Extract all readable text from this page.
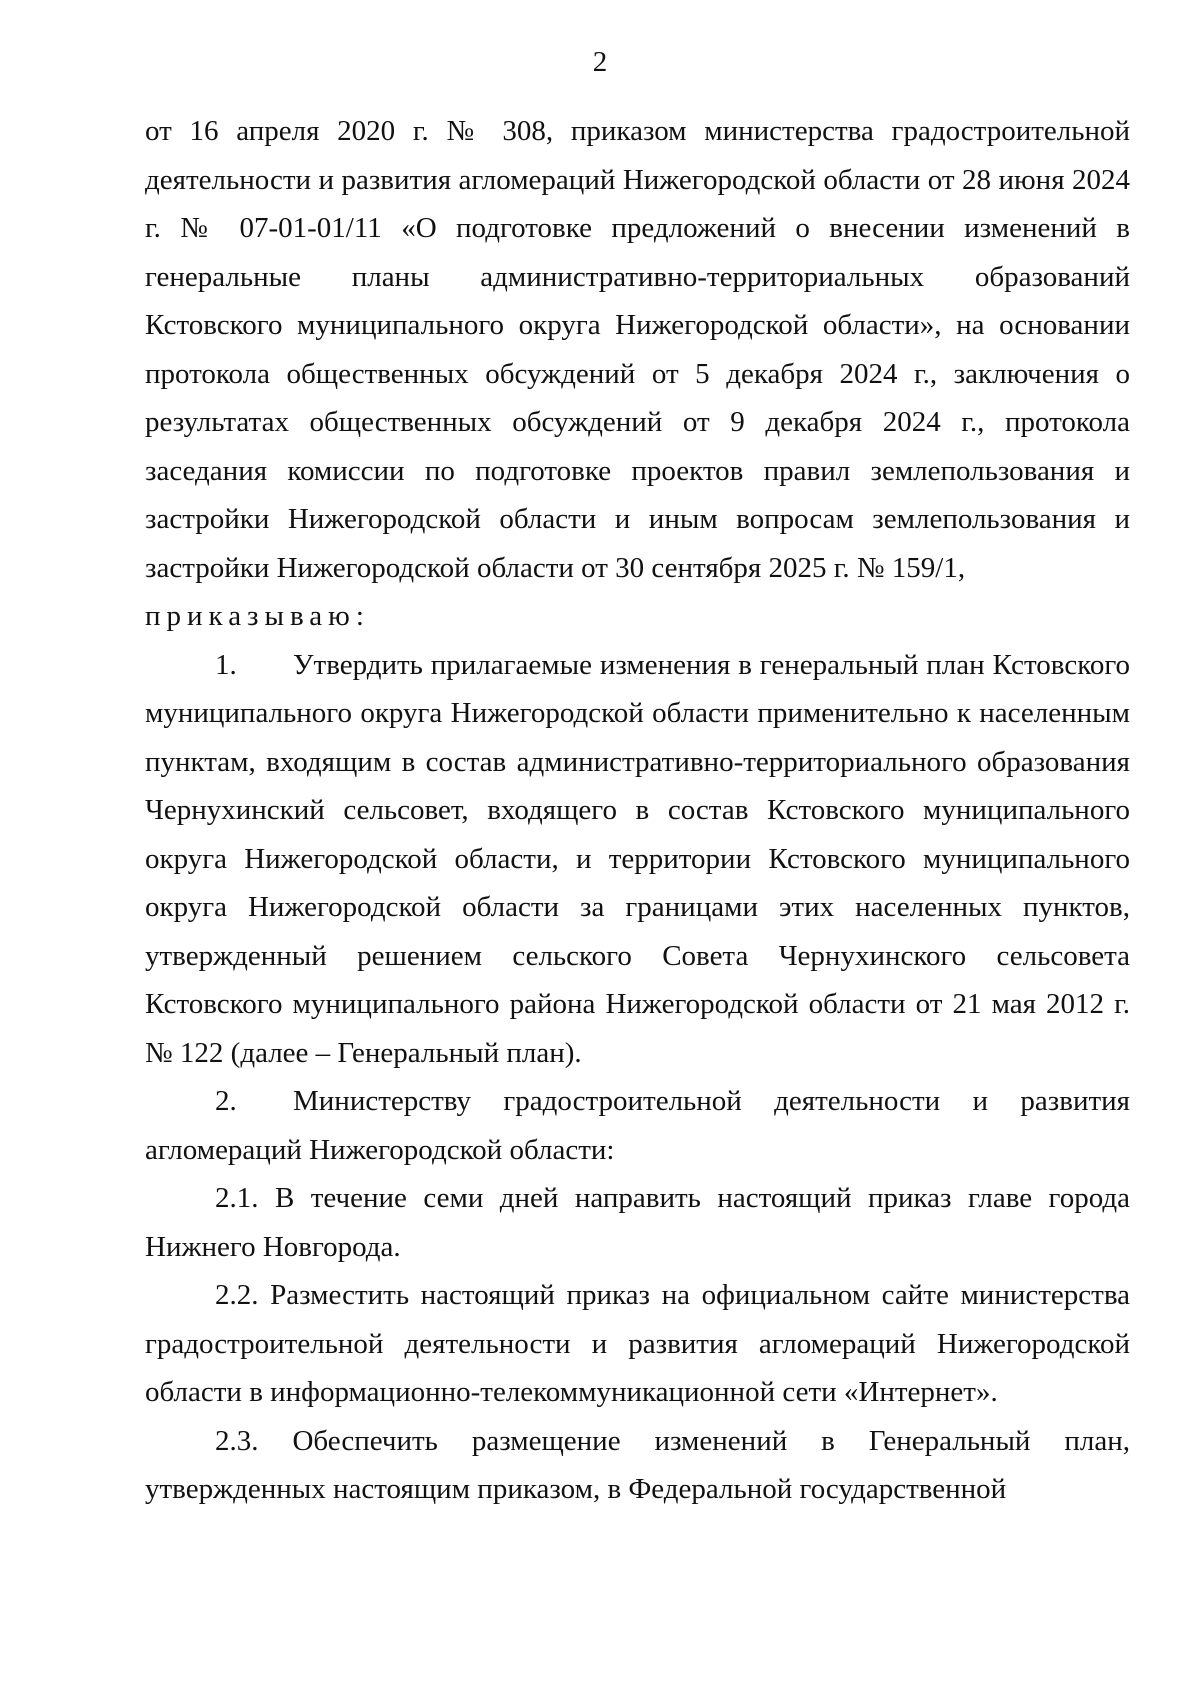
2

от 16 апреля 2020 г. № 308, приказом министерства градостроительной деятельности и развития агломераций Нижегородской области от 28 июня 2024 г. № 07-01-01/11 «О подготовке предложений о внесении изменений в генеральные планы административно-территориальных образований Кстовского муниципального округа Нижегородской области», на основании протокола общественных обсуждений от 5 декабря 2024 г., заключения о результатах общественных обсуждений от 9 декабря 2024 г., протокола заседания комиссии по подготовке проектов правил землепользования и застройки Нижегородской области и иным вопросам землепользования и застройки Нижегородской области от 30 сентября 2025 г. № 159/1,

приказываю:

1. Утвердить прилагаемые изменения в генеральный план Кстовского муниципального округа Нижегородской области применительно к населенным пунктам, входящим в состав административно-территориального образования Чернухинский сельсовет, входящего в состав Кстовского муниципального округа Нижегородской области, и территории Кстовского муниципального округа Нижегородской области за границами этих населенных пунктов, утвержденный решением сельского Совета Чернухинского сельсовета Кстовского муниципального района Нижегородской области от 21 мая 2012 г. № 122 (далее – Генеральный план).

2. Министерству градостроительной деятельности и развития агломераций Нижегородской области:

2.1. В течение семи дней направить настоящий приказ главе города Нижнего Новгорода.

2.2. Разместить настоящий приказ на официальном сайте министерства градостроительной деятельности и развития агломераций Нижегородской области в информационно-телекоммуникационной сети «Интернет».

2.3. Обеспечить размещение изменений в Генеральный план, утвержденных настоящим приказом, в Федеральной государственной
